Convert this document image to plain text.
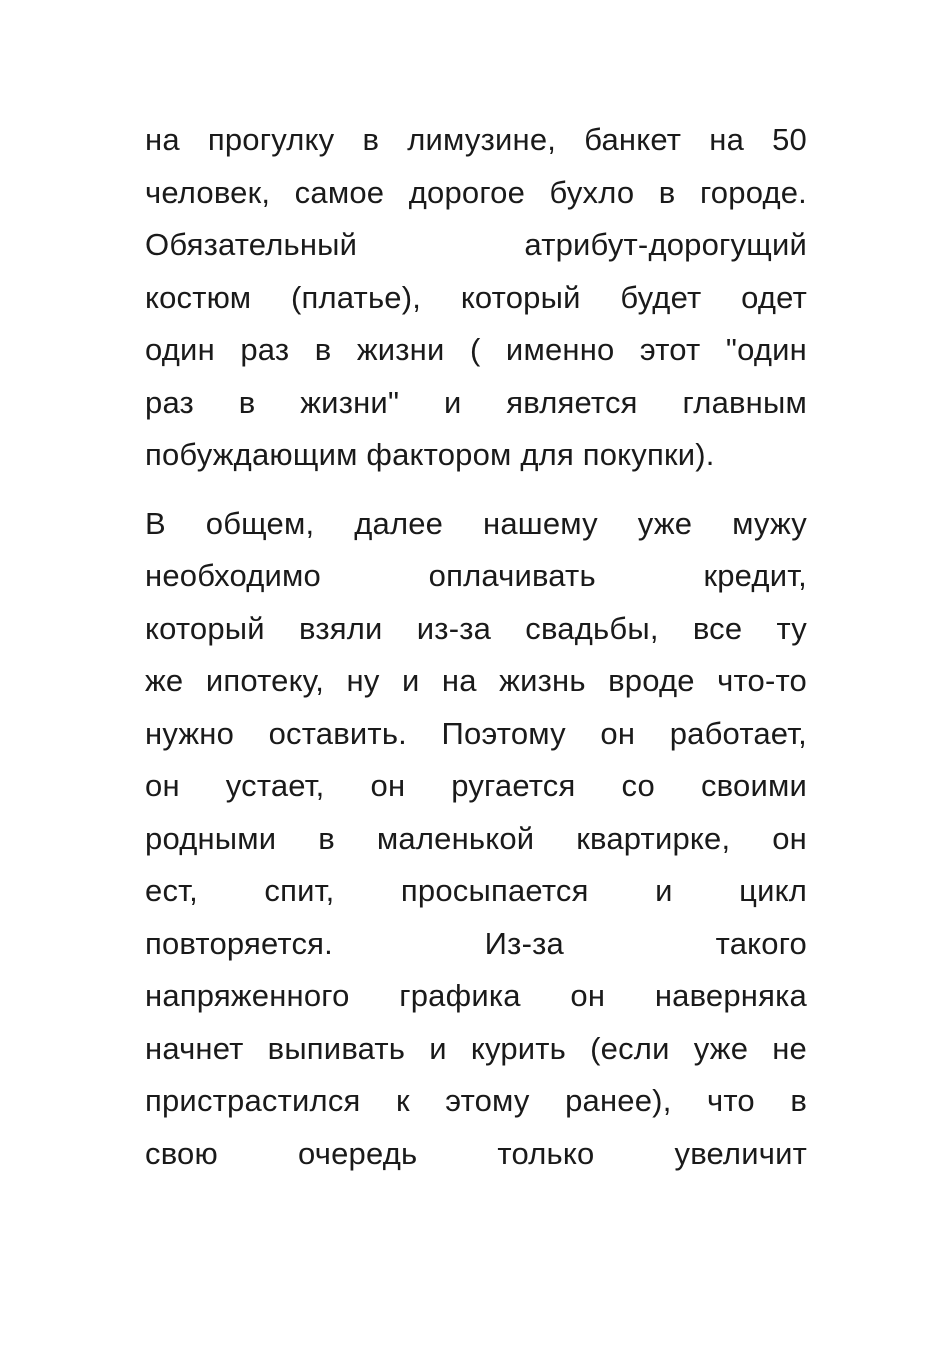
на прогулку в лимузине, банкет на 50
человек, самое дорогое бухло в городе.
Обязательный атрибут-дорогущий
костюм (платье), который будет одет
один раз в жизни ( именно этот "один
раз в жизни" и является главным
побуждающим фактором для покупки).

В общем, далее нашему уже мужу
необходимо оплачивать кредит,
который взяли из-за свадьбы, все ту
же ипотеку, ну и на жизнь вроде что-то
нужно оставить. Поэтому он работает,
он устает, он ругается со своими
родными в маленькой квартирке, он
ест, спит, просыпается и цикл
повторяется. Из-за такого
напряженного графика он наверняка
начнет выпивать и курить (если уже не
пристрастился к этому ранее), что в
свою очередь только увеличит
